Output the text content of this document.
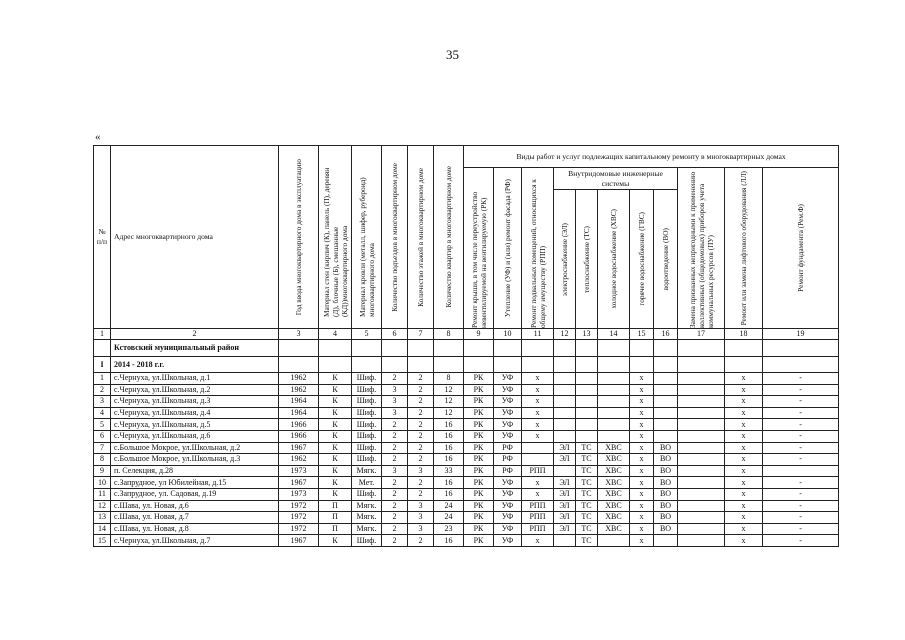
35
«
№ п/п	Адрес многоквартирного дома	Год ввода многоквартирного дома в эксплуатацию	Материал стен (кирпич (К), панель (П), деревян (Д), блочные (Б), смешанные (КД))многоквартирного дома	Материал кровли (металл, шифер, рубероид) многоквартирного дома	Количество подъездов в многоквартирном доме	Количество этажей в многоквартирном доме	Количество квартир в многоквартирном доме	Виды работ и услуг подлежащих капитальному ремонту в многоквартирных домах										

								Ремонт крыши, в том числе переустройство невентилируемой на вентилируемую (РК)	Утепление (УФ) и (или) ремонт фасада (РФ)	Ремонт подвальных помещений, относящихся к общему имуществу (РПП)	Внутридомовые инженерные системы					Замена признанных непригодными к применению коллективных (общедомовых) приборов учета коммунальных ресурсов (ПУ)	Ремонт или замена лифтового оборудования (ЛЛ)	Ремонт фундамента (Рем.Ф)

											электроснабжение (ЭЛ)	теплоснабжение (ТС)	холодное водоснабжение (ХВС)	горячее водоснабжение (ГВС)	водоотведение (ВО)			

1	2	3	4	5	6	7	8	9	10	11	12	13	14	15	16	17	18	19
	Кстовский муниципальный район																	
I	2014 - 2018 г.г.																	
1	с.Чернуха, ул.Школьная, д.1	1962	К	Шиф.	2	2	8	РК	УФ	х				х			х	-
2	с.Чернуха, ул.Школьная, д.2	1962	К	Шиф.	3	2	12	РК	УФ	х				х			х	-
3	с.Чернуха, ул.Школьная, д.3	1964	К	Шиф.	3	2	12	РК	УФ	х				х			х	-
4	с.Чернуха, ул.Школьная, д.4	1964	К	Шиф.	3	2	12	РК	УФ	х				х			х	-
5	с.Чернуха, ул.Школьная, д.5	1966	К	Шиф.	2	2	16	РК	УФ	х				х			х	-
6	с.Чернуха, ул.Школьная, д.6	1966	К	Шиф.	2	2	16	РК	УФ	х				х			х	-
7	с.Большое Мокрое, ул.Школьная, д.2	1967	К	Шиф.	2	2	16	РК	РФ		ЭЛ	ТС	ХВС	х	ВО		х	-
8	с.Большое Мокрое, ул.Школьная, д.3	1962	К	Шиф.	2	2	16	РК	РФ		ЭЛ	ТС	ХВС	х	ВО		х	-
9	п. Селекция, д.28	1973	К	Мягк.	3	3	33	РК	РФ	РПП		ТС	ХВС	х	ВО		х	
10	с.Запрудное, ул Юбилейная, д.15	1967	К	Мет.	2	2	16	РК	УФ	х	ЭЛ	ТС	ХВС	х	ВО		х	-
11	с.Запрудное, ул. Садовая, д.19	1973	К	Шиф.	2	2	16	РК	УФ	х	ЭЛ	ТС	ХВС	х	ВО		х	-
12	с.Шава, ул. Новая, д.6	1972	П	Мягк.	2	3	24	РК	УФ	РПП	ЭЛ	ТС	ХВС	х	ВО		х	-
13	с.Шава, ул. Новая, д.7	1972	П	Мягк.	2	3	24	РК	УФ	РПП	ЭЛ	ТС	ХВС	х	ВО		х	-
14	с.Шава, ул. Новая, д.8	1972	П	Мягк.	2	3	23	РК	УФ	РПП	ЭЛ	ТС	ХВС	х	ВО		х	-
15	с.Чернуха, ул.Школьная, д.7	1967	К	Шиф.	2	2	16	РК	УФ	х		ТС		х			х	-
